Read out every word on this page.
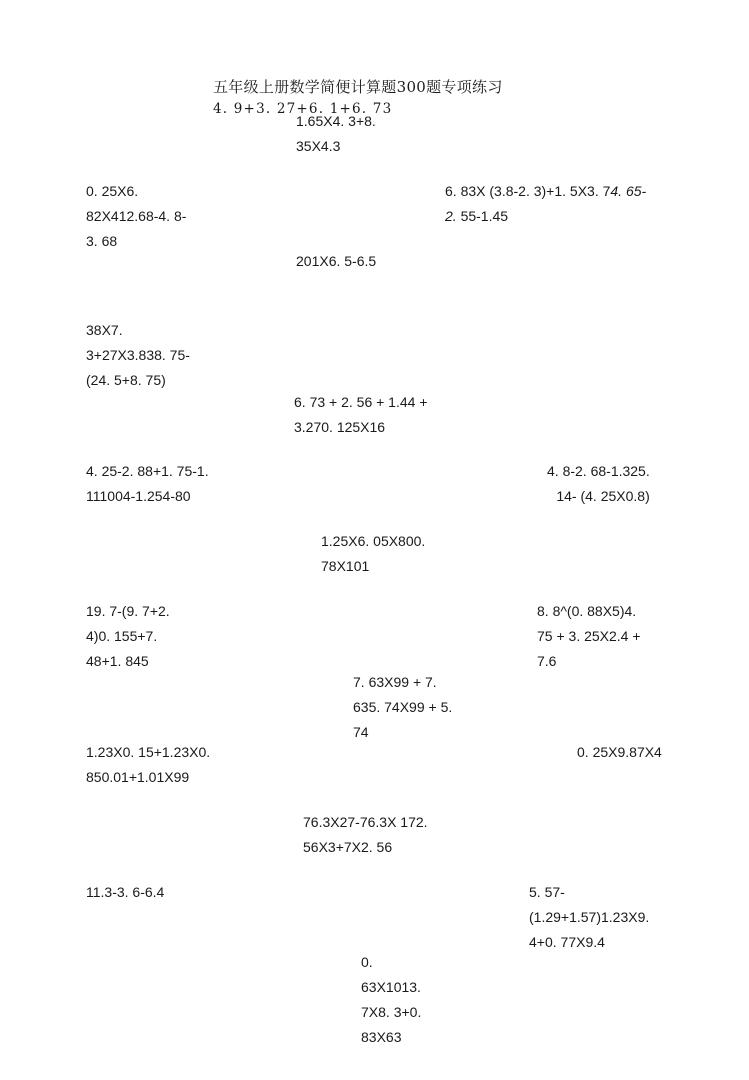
五年级上册数学简便计算题300题专项练习
4. 9+3. 27+6. 1+6. 73
1.65X4. 3+8.
35X4.3
0. 25X6.
82X412.68-4. 8-
3. 68
6. 83X (3.8-2. 3)+1. 5X3. 74. 65-
2. 55-1.45
201X6. 5-6.5
38X7.
3+27X3.838. 75-
(24. 5+8. 75)
6. 73 + 2. 56 + 1.44 +
3.270. 125X16
4. 25-2. 88+1. 75-1.
111004-1.254-80
4. 8-2. 68-1.325.
14- (4. 25X0.8)
1.25X6. 05X800.
78X101
19. 7-(9. 7+2.
4)0. 155+7.
48+1. 845
8. 8^(0. 88X5)4.
75 + 3. 25X2.4 +
7.6
7. 63X99 + 7.
635. 74X99 + 5.
74
1.23X0. 15+1.23X0.
850.01+1.01X99
0. 25X9.87X4
76.3X27-76.3X 172.
56X3+7X2. 56
11.3-3. 6-6.4	5. 57-
(1.29+1.57)1.23X9.
4+0. 77X9.4
0.
63X1013.
7X8. 3+0.
83X63
